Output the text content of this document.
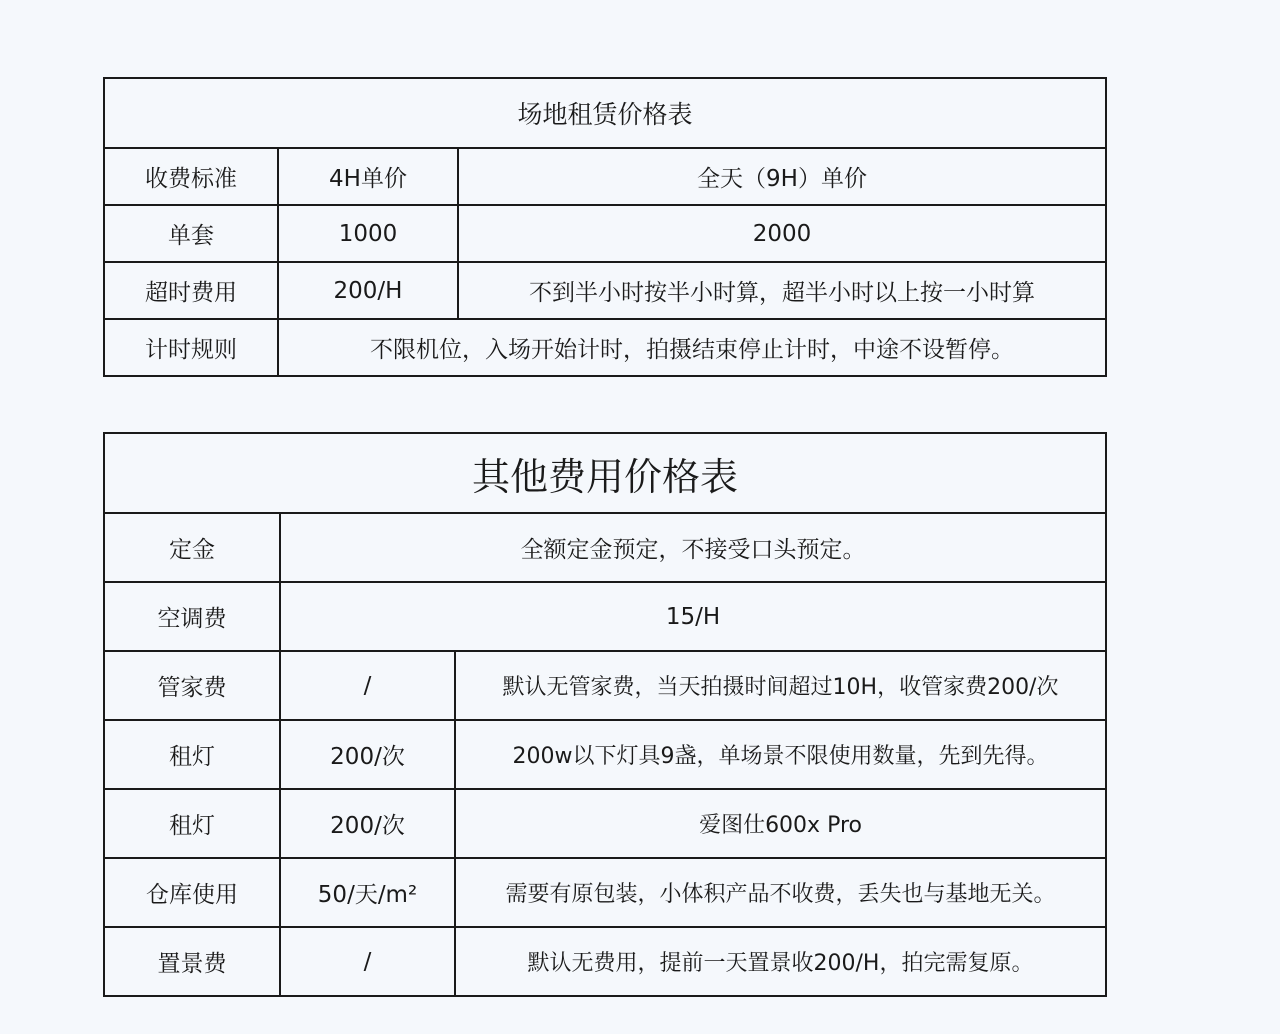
场地租赁价格表		
收费标准	4H单价	全天（9H）单价
单套	1000	2000
超时费用	200/H	不到半小时按半小时算，超半小时以上按一小时算
计时规则	不限机位，入场开始计时，拍摄结束停止计时，中途不设暂停。	
其他费用价格表		
定金	全额定金预定，不接受口头预定。	
空调费	15/H	
管家费	/	默认无管家费，当天拍摄时间超过10H，收管家费200/次
租灯	200/次	200w以下灯具9盏，单场景不限使用数量，先到先得。
租灯	200/次	爱图仕600x Pro
仓库使用	50/天/m²	需要有原包装，小体积产品不收费，丢失也与基地无关。
置景费	/	默认无费用，提前一天置景收200/H，拍完需复原。
